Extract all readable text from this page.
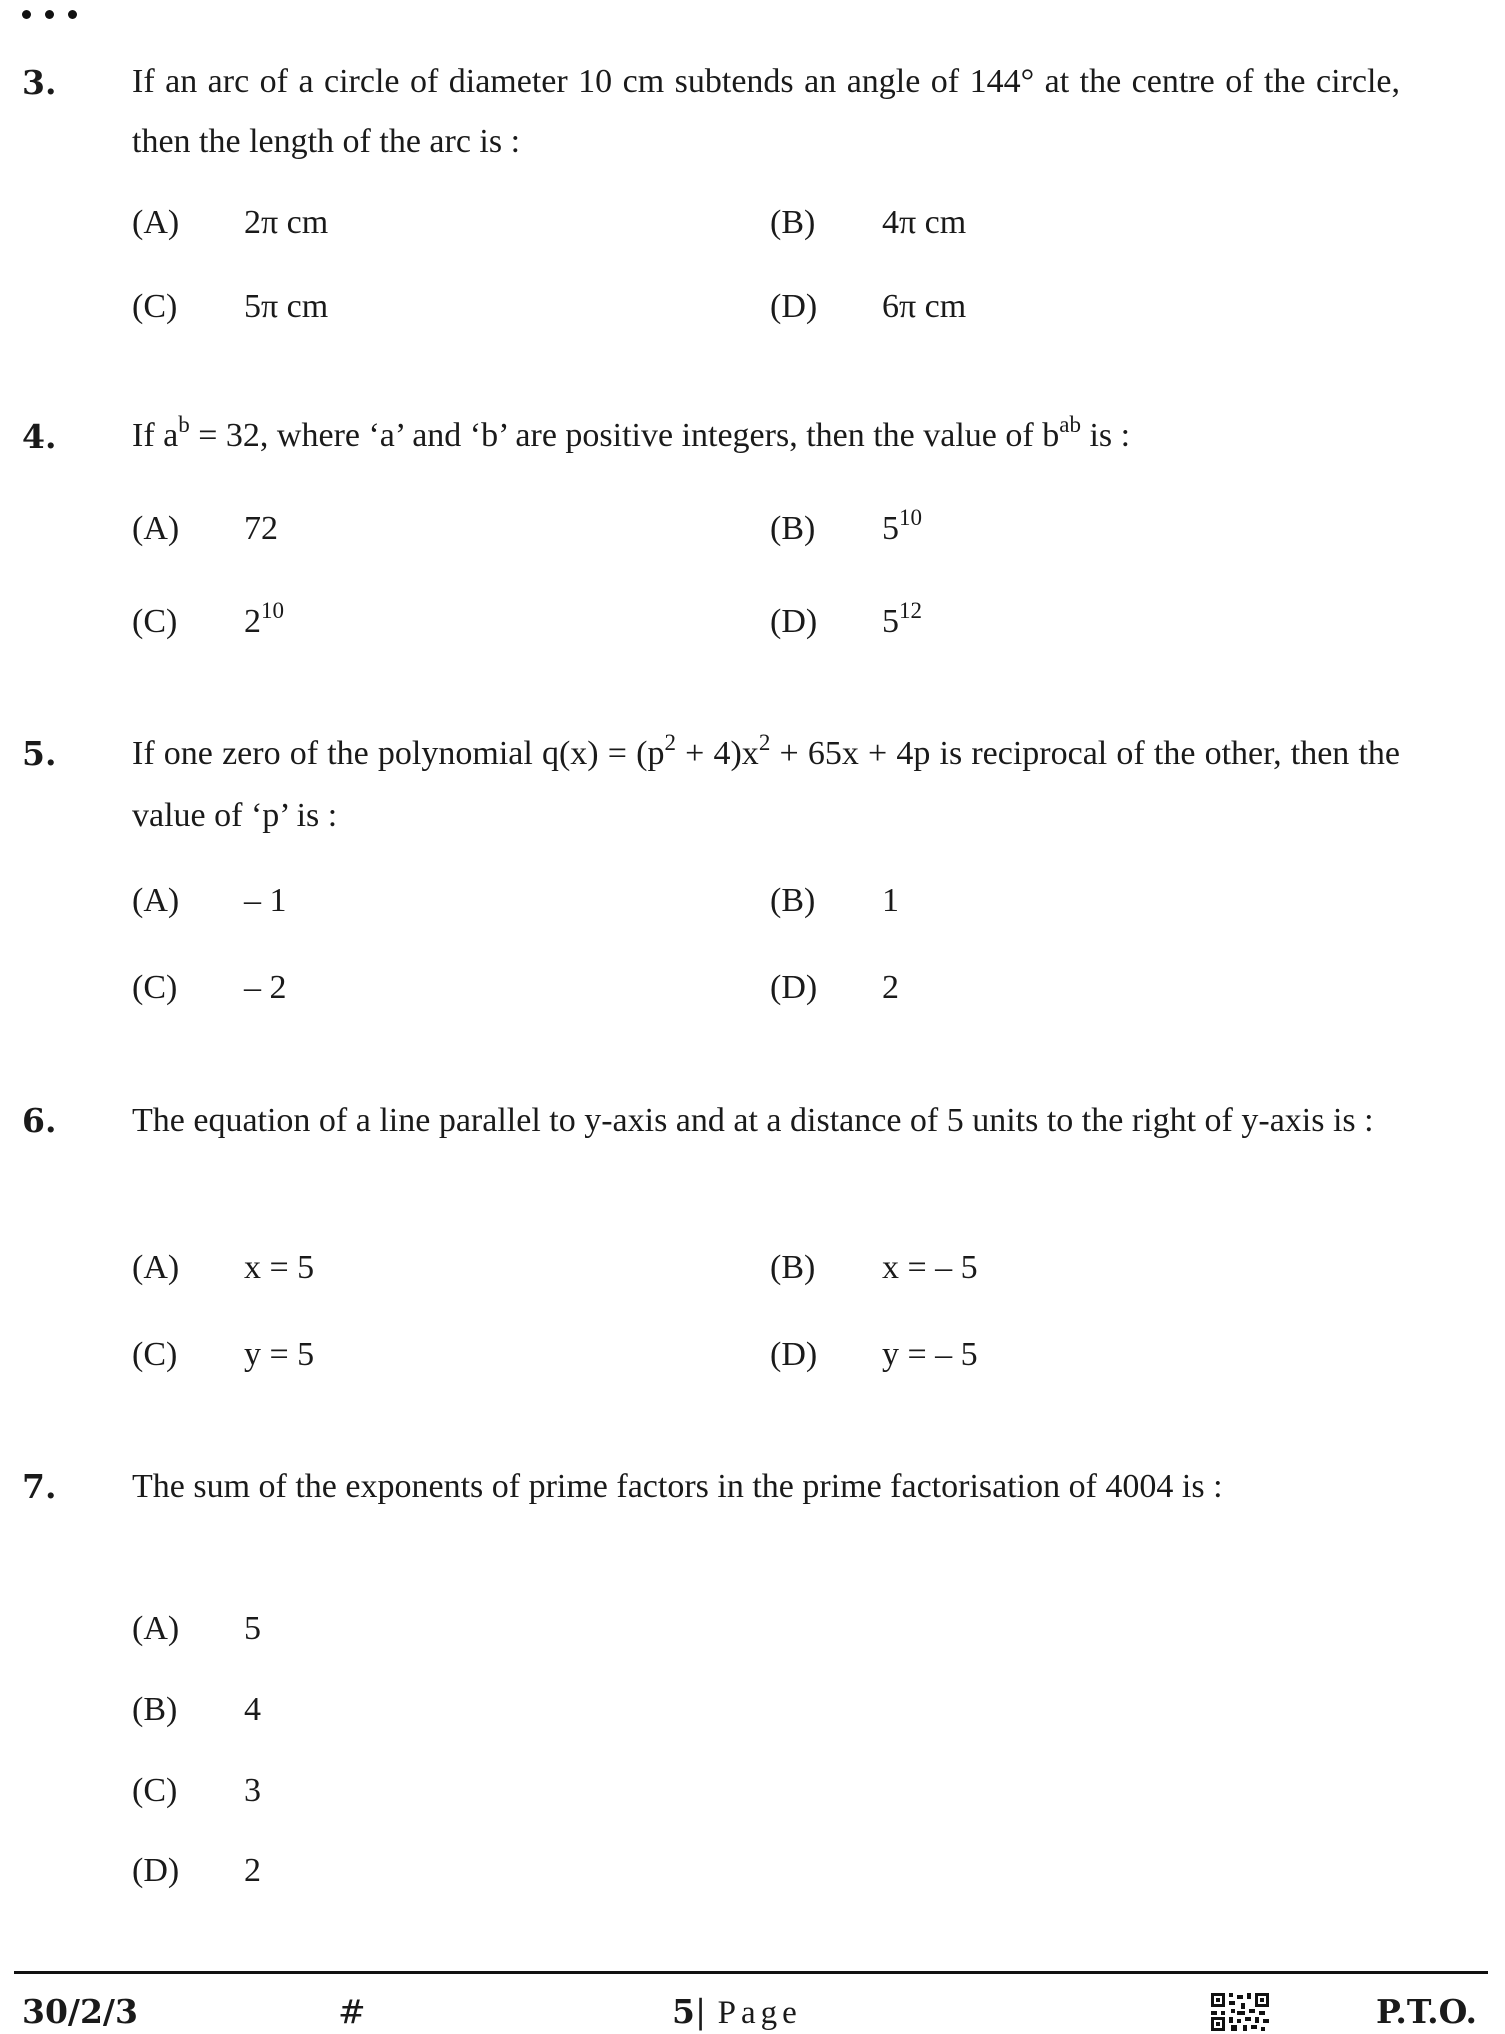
3. If an arc of a circle of diameter 10 cm subtends an angle of 144° at the centre of the circle, then the length of the arc is :
(A) 2π cm	(B) 4π cm
(C) 5π cm	(D) 6π cm
4. If $a^b = 32$, where ‘a’ and ‘b’ are positive integers, then the value of $b^{ab}$ is :
(A) 72	(B) $5^{10}$
(C) $2^{10}$	(D) $5^{12}$
5. If one zero of the polynomial $q(x) = (p^2 + 4)x^2 + 65x + 4p$ is reciprocal of the other, then the value of ‘p’ is :
(A) – 1	(B) 1
(C) – 2	(D) 2
6. The equation of a line parallel to y-axis and at a distance of 5 units to the right of y-axis is :
(A) x = 5	(B) x = – 5
(C) y = 5	(D) y = – 5
7. The sum of the exponents of prime factors in the prime factorisation of 4004 is :
(A) 5
(B) 4
(C) 3
(D) 2
30/2/3	#	5| Page	P.T.O.
